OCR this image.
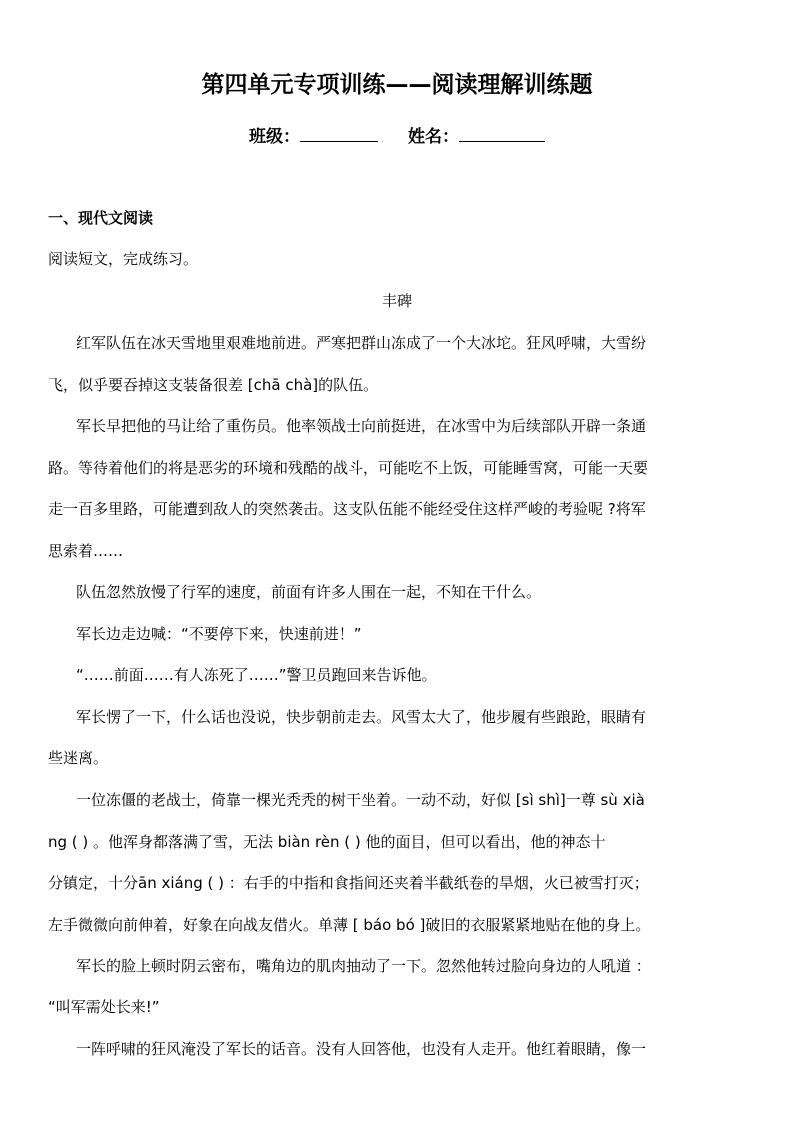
第四单元专项训练——阅读理解训练题
班级：	姓名：
一、现代文阅读
阅读短文，完成练习。
丰碑
红军队伍在冰天雪地里艰难地前进。严寒把群山冻成了一个大冰坨。狂风呼啸，大雪纷
飞，似乎要吞掉这支装备很差 [chā chà]的队伍。
军长早把他的马让给了重伤员。他率领战士向前挺进，在冰雪中为后续部队开辟一条通
路。等待着他们的将是恶劣的环境和残酷的战斗，可能吃不上饭，可能睡雪窝，可能一天要
走一百多里路，可能遭到敌人的突然袭击。这支队伍能不能经受住这样严峻的考验呢 ?将军
思索着……
队伍忽然放慢了行军的速度，前面有许多人围在一起，不知在干什么。
军长边走边喊：“不要停下来，快速前进！”
“……前面……有人冻死了……”警卫员跑回来告诉他。
军长愣了一下，什么话也没说，快步朝前走去。风雪太大了，他步履有些踉跄，眼睛有
些迷离。
一位冻僵的老战士，倚靠一棵光秃秃的树干坐着。一动不动，好似 [sì shì]一尊 sù xià
ng ( ) 。他浑身都落满了雪，无法 biàn rèn ( ) 他的面目，但可以看出，他的神态十
分镇定，十分ān xiáng ( ) ：右手的中指和食指间还夹着半截纸卷的旱烟，火已被雪打灭；
左手微微向前伸着，好象在向战友借火。单薄 [ báo bó ]破旧的衣服紧紧地贴在他的身上。
军长的脸上顿时阴云密布，嘴角边的肌肉抽动了一下。忽然他转过脸向身边的人吼道 ：
“叫军需处长来!”
一阵呼啸的狂风淹没了军长的话音。没有人回答他，也没有人走开。他红着眼睛，像一
